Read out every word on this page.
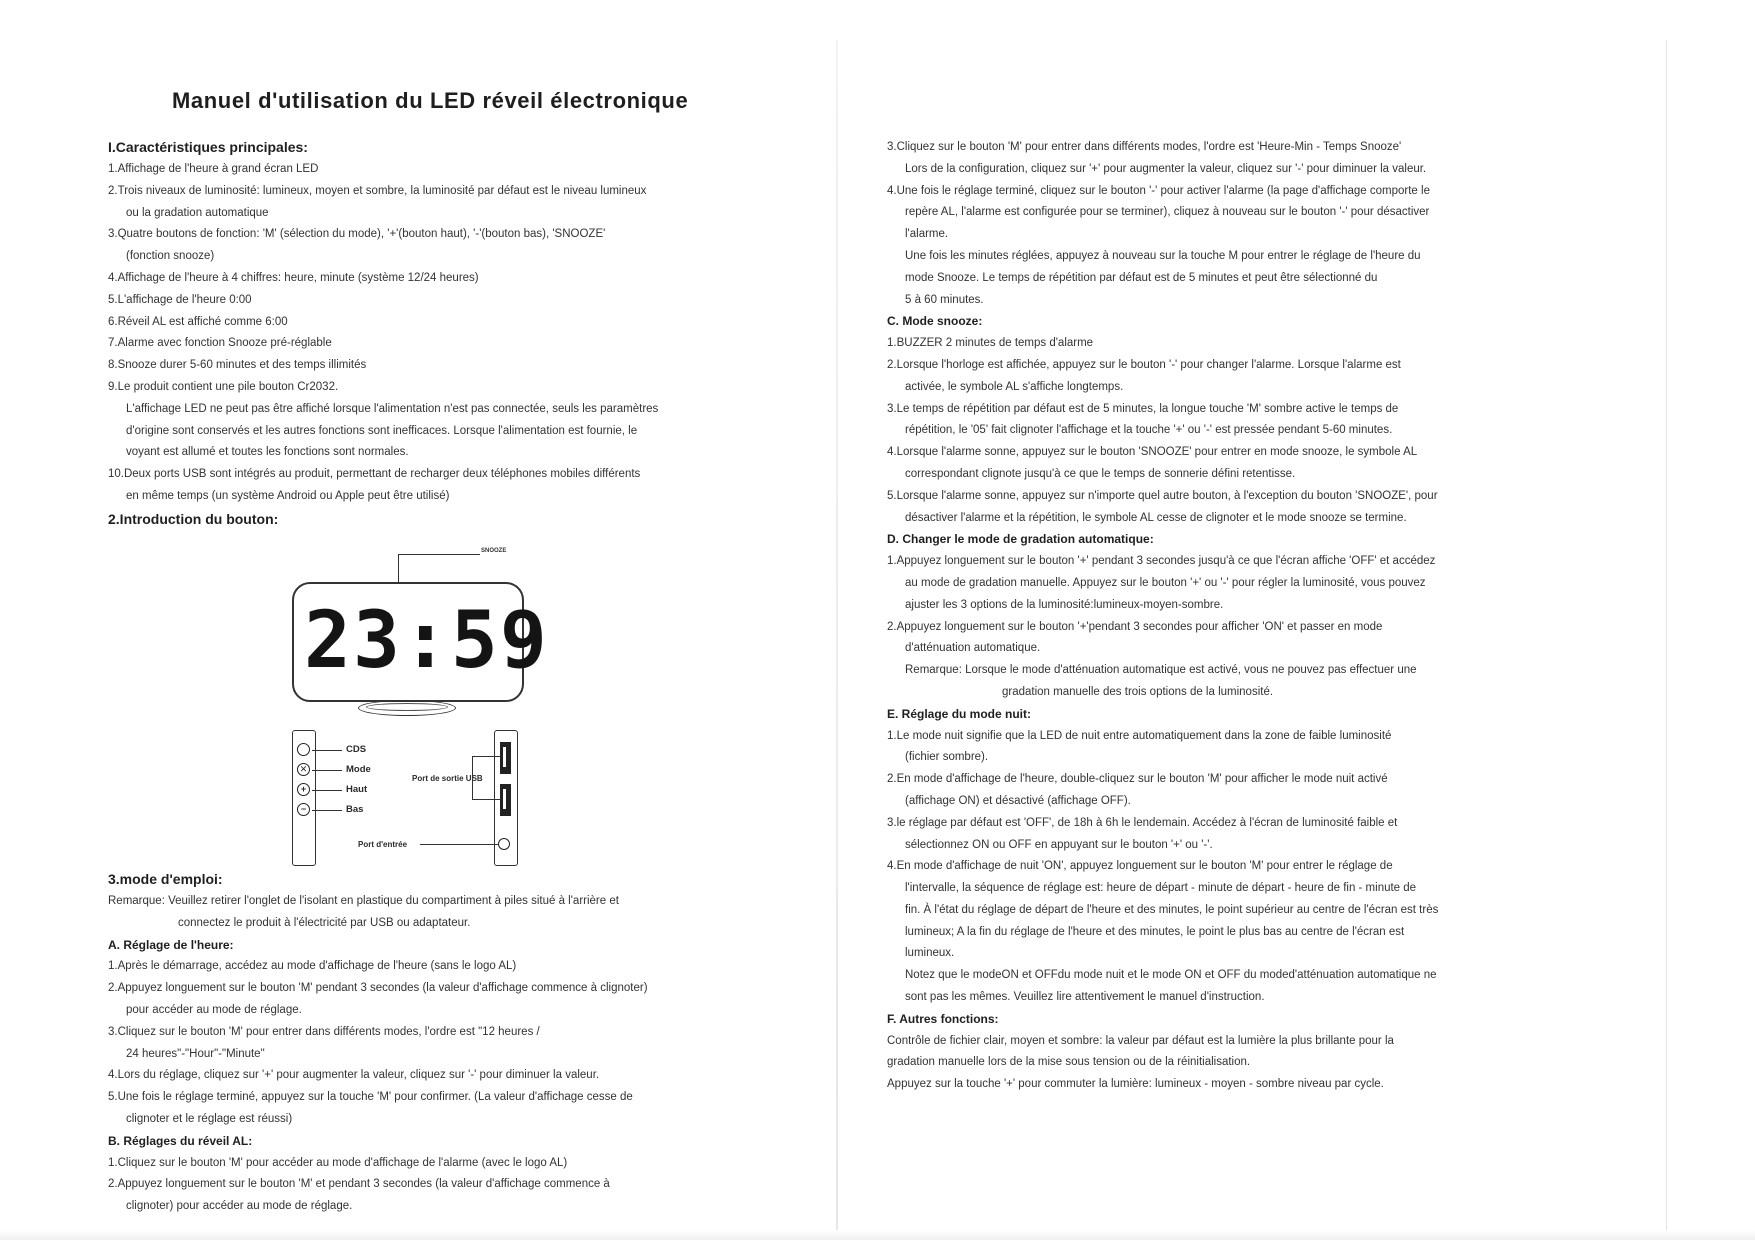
Manuel d'utilisation du LED réveil électronique
I.Caractéristiques principales:
1.Affichage de l'heure à grand écran LED
2.Trois niveaux de luminosité: lumineux, moyen et sombre, la luminosité par défaut est le niveau lumineux
ou la gradation automatique
3.Quatre boutons de fonction: 'M' (sélection du mode), '+'(bouton haut), '-'(bouton bas), 'SNOOZE'
(fonction snooze)
4.Affichage de l'heure à 4 chiffres: heure, minute (système 12/24 heures)
5.L'affichage de l'heure 0:00
6.Réveil AL est affiché comme 6:00
7.Alarme avec fonction Snooze pré-réglable
8.Snooze durer 5-60 minutes et des temps illimités
9.Le produit contient une pile bouton Cr2032.
L'affichage LED ne peut pas être affiché lorsque l'alimentation n'est pas connectée, seuls les paramètres
d'origine sont conservés et les autres fonctions sont inefficaces. Lorsque l'alimentation est fournie, le
voyant est allumé et toutes les fonctions sont normales.
10.Deux ports USB sont intégrés au produit, permettant de recharger deux téléphones mobiles différents
en même temps (un système Android ou Apple peut être utilisé)
2.Introduction du bouton:
SNOOZE
23:59
CDS
✕	Mode
+	Haut
−	Bas
Port de sortie USB
Port d'entrée
3.mode d'emploi:
Remarque: Veuillez retirer l'onglet de l'isolant en plastique du compartiment à piles situé à l'arrière et
connectez le produit à l'électricité par USB ou adaptateur.
A. Réglage de l'heure:
1.Après le démarrage, accédez au mode d'affichage de l'heure (sans le logo AL)
2.Appuyez longuement sur le bouton 'M' pendant 3 secondes (la valeur d'affichage commence à clignoter)
pour accéder au mode de réglage.
3.Cliquez sur le bouton 'M' pour entrer dans différents modes, l'ordre est "12 heures /
24 heures"-"Hour"-"Minute"
4.Lors du réglage, cliquez sur '+' pour augmenter la valeur, cliquez sur '-' pour diminuer la valeur.
5.Une fois le réglage terminé, appuyez sur la touche 'M' pour confirmer. (La valeur d'affichage cesse de
clignoter et le réglage est réussi)
B. Réglages du réveil AL:
1.Cliquez sur le bouton 'M' pour accéder au mode d'affichage de l'alarme (avec le logo AL)
2.Appuyez longuement sur le bouton 'M' et pendant 3 secondes (la valeur d'affichage commence à
clignoter) pour accéder au mode de réglage.
3.Cliquez sur le bouton 'M' pour entrer dans différents modes, l'ordre est 'Heure-Min - Temps Snooze'
Lors de la configuration, cliquez sur '+' pour augmenter la valeur, cliquez sur '-' pour diminuer la valeur.
4.Une fois le réglage terminé, cliquez sur le bouton '-' pour activer l'alarme (la page d'affichage comporte le
repère AL, l'alarme est configurée pour se terminer), cliquez à nouveau sur le bouton '-' pour désactiver
l'alarme.
Une fois les minutes réglées, appuyez à nouveau sur la touche M pour entrer le réglage de l'heure du
mode Snooze. Le temps de répétition par défaut est de 5 minutes et peut être sélectionné du
5 à 60 minutes.
C. Mode snooze:
1.BUZZER 2 minutes de temps d'alarme
2.Lorsque l'horloge est affichée, appuyez sur le bouton '-' pour changer l'alarme. Lorsque l'alarme est
activée, le symbole AL s'affiche longtemps.
3.Le temps de répétition par défaut est de 5 minutes, la longue touche 'M' sombre active le temps de
répétition, le '05' fait clignoter l'affichage et la touche '+' ou '-' est pressée pendant 5-60 minutes.
4.Lorsque l'alarme sonne, appuyez sur le bouton 'SNOOZE' pour entrer en mode snooze, le symbole AL
correspondant clignote jusqu'à ce que le temps de sonnerie défini retentisse.
5.Lorsque l'alarme sonne, appuyez sur n'importe quel autre bouton, à l'exception du bouton 'SNOOZE', pour
désactiver l'alarme et la répétition, le symbole AL cesse de clignoter et le mode snooze se termine.
D. Changer le mode de gradation automatique:
1.Appuyez longuement sur le bouton '+' pendant 3 secondes jusqu'à ce que l'écran affiche 'OFF' et accédez
au mode de gradation manuelle. Appuyez sur le bouton '+' ou '-' pour régler la luminosité, vous pouvez
ajuster les 3 options de la luminosité:lumineux-moyen-sombre.
2.Appuyez longuement sur le bouton '+'pendant 3 secondes pour afficher 'ON' et passer en mode
d'atténuation automatique.
Remarque: Lorsque le mode d'atténuation automatique est activé, vous ne pouvez pas effectuer une
gradation manuelle des trois options de la luminosité.
E. Réglage du mode nuit:
1.Le mode nuit signifie que la LED de nuit entre automatiquement dans la zone de faible luminosité
(fichier sombre).
2.En mode d'affichage de l'heure, double-cliquez sur le bouton 'M' pour afficher le mode nuit activé
(affichage ON) et désactivé (affichage OFF).
3.le réglage par défaut est 'OFF', de 18h à 6h le lendemain. Accédez à l'écran de luminosité faible et
sélectionnez ON ou OFF en appuyant sur le bouton '+' ou '-'.
4.En mode d'affichage de nuit 'ON', appuyez longuement sur le bouton 'M' pour entrer le réglage de
l'intervalle, la séquence de réglage est: heure de départ - minute de départ - heure de fin - minute de
fin. À l'état du réglage de départ de l'heure et des minutes, le point supérieur au centre de l'écran est très
lumineux; A la fin du réglage de l'heure et des minutes, le point le plus bas au centre de l'écran est
lumineux.
Notez que le modeON et OFFdu mode nuit et le mode ON et OFF du moded'atténuation automatique ne
sont pas les mêmes. Veuillez lire attentivement le manuel d'instruction.
F. Autres fonctions:
Contrôle de fichier clair, moyen et sombre: la valeur par défaut est la lumière la plus brillante pour la
gradation manuelle lors de la mise sous tension ou de la réinitialisation.
Appuyez sur la touche '+' pour commuter la lumière: lumineux - moyen - sombre niveau par cycle.
